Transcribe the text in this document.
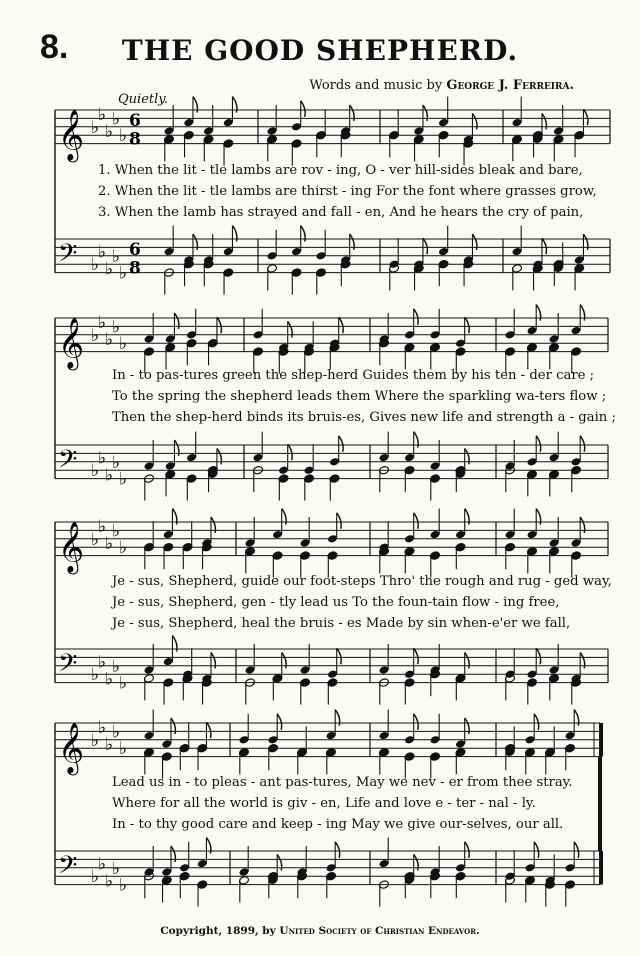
8.	THE GOOD SHEPHERD.
Words and music by George J. Ferreira.
Quietly.
𝄞 ♭
♭
♭
♭
♭
6
8
𝄢 ♭
♭
♭
♭
♭
6
8
𝄞 ♭
♭
♭
♭
♭
𝄢 ♭
♭
♭
♭
♭
𝄞 ♭
♭
♭
♭
♭
𝄢 ♭
♭
♭
♭
♭
𝄞 ♭
♭
♭
♭
♭
𝄢 ♭
♭
♭
♭
♭
1. When the lit - tle lambs are rov - ing, O - ver hill-sides bleak and bare,
2. When the lit - tle lambs are thirst - ing For the font where grasses grow,
3. When the lamb has strayed and fall - en, And he hears the cry of pain,
In - to pas-tures green the shep-herd Guides them by his ten - der care ;
To the spring the shepherd leads them Where the sparkling wa-ters flow ;
Then the shep-herd binds its bruis-es, Gives new life and strength a - gain ;
Je - sus, Shepherd, guide our foot-steps Thro' the rough and rug - ged way,
Je - sus, Shepherd, gen - tly lead us To the foun-tain flow - ing free,
Je - sus, Shepherd, heal the bruis - es Made by sin when-e'er we fall,
Lead us in - to pleas - ant pas-tures, May we nev - er from thee stray.
Where for all the world is giv - en, Life and love e - ter - nal - ly.
In - to thy good care and keep - ing May we give our-selves, our all.
Copyright, 1899, by United Society of Christian Endeavor.
